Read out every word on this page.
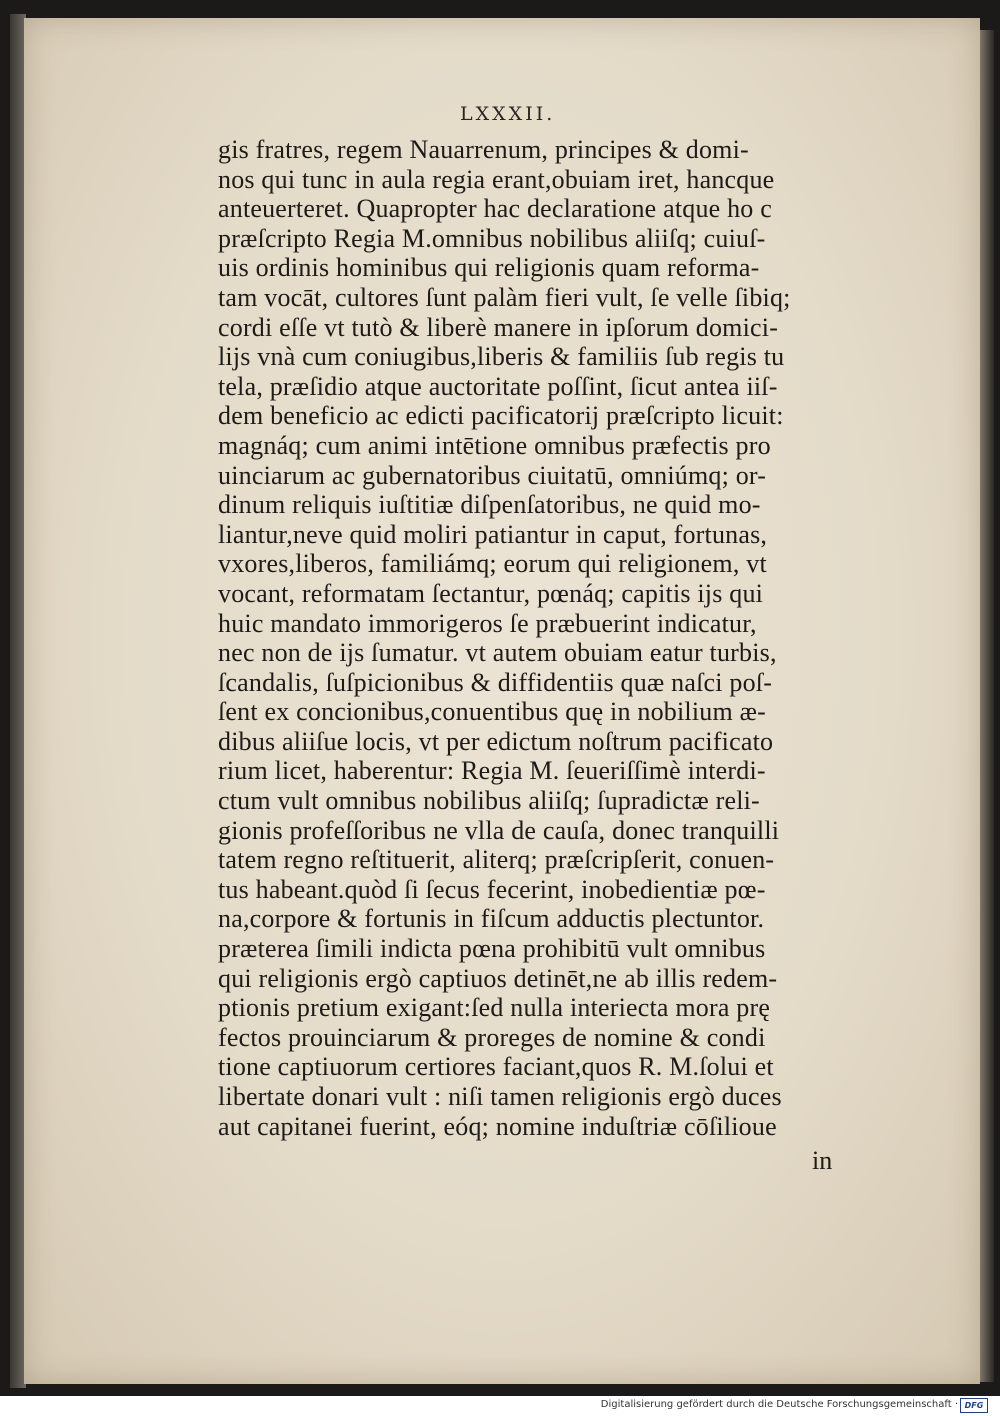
LXXXII.
gis fratres, regem Nauarrenum, principes & domi-
nos qui tunc in aula regia erant,obuiam iret, hancque
anteuerteret. Quapropter hac declaratione atque ho c
præſcripto Regia M.omnibus nobilibus aliiſq; cuiuſ-
uis ordinis hominibus qui religionis quam reforma-
tam vocāt, cultores ſunt palàm fieri vult, ſe velle ſibiq;
cordi eſſe vt tutò & liberè manere in ipſorum domici-
lijs vnà cum coniugibus,liberis & familiis ſub regis tu
tela, præſidio atque auctoritate poſſint, ſicut antea iiſ-
dem beneficio ac edicti pacificatorij præſcripto licuit:
magnáq; cum animi intētione omnibus præfectis pro
uinciarum ac gubernatoribus ciuitatū, omniúmq; or-
dinum reliquis iuſtitiæ diſpenſatoribus, ne quid mo-
liantur,neve quid moliri patiantur in caput, fortunas,
vxores,liberos, familiámq; eorum qui religionem, vt
vocant, reformatam ſectantur, pœnáq; capitis ijs qui
huic mandato immorigeros ſe præbuerint indicatur,
nec non de ijs ſumatur. vt autem obuiam eatur turbis,
ſcandalis, ſuſpicionibus & diffidentiis quæ naſci poſ-
ſent ex concionibus,conuentibus quę in nobilium æ-
dibus aliiſue locis, vt per edictum noſtrum pacificato
rium licet, haberentur: Regia M. ſeueriſſimè interdi-
ctum vult omnibus nobilibus aliiſq; ſupradictæ reli-
gionis profeſſoribus ne vlla de cauſa, donec tranquilli
tatem regno reſtituerit, aliterq; præſcripſerit, conuen-
tus habeant.quòd ſi ſecus fecerint, inobedientiæ pœ-
na,corpore & fortunis in fiſcum adductis plectuntor.
præterea ſimili indicta pœna prohibitū vult omnibus
qui religionis ergò captiuos detinēt,ne ab illis redem-
ptionis pretium exigant:ſed nulla interiecta mora prę
fectos prouinciarum & proreges de nomine & condi
tione captiuorum certiores faciant,quos R. M.ſolui et
libertate donari vult : niſi tamen religionis ergò duces
aut capitanei fuerint, eóq; nomine induſtriæ cōſilioue
in
Digitalisierung gefördert durch die Deutsche Forschungsgemeinschaft · DFG
